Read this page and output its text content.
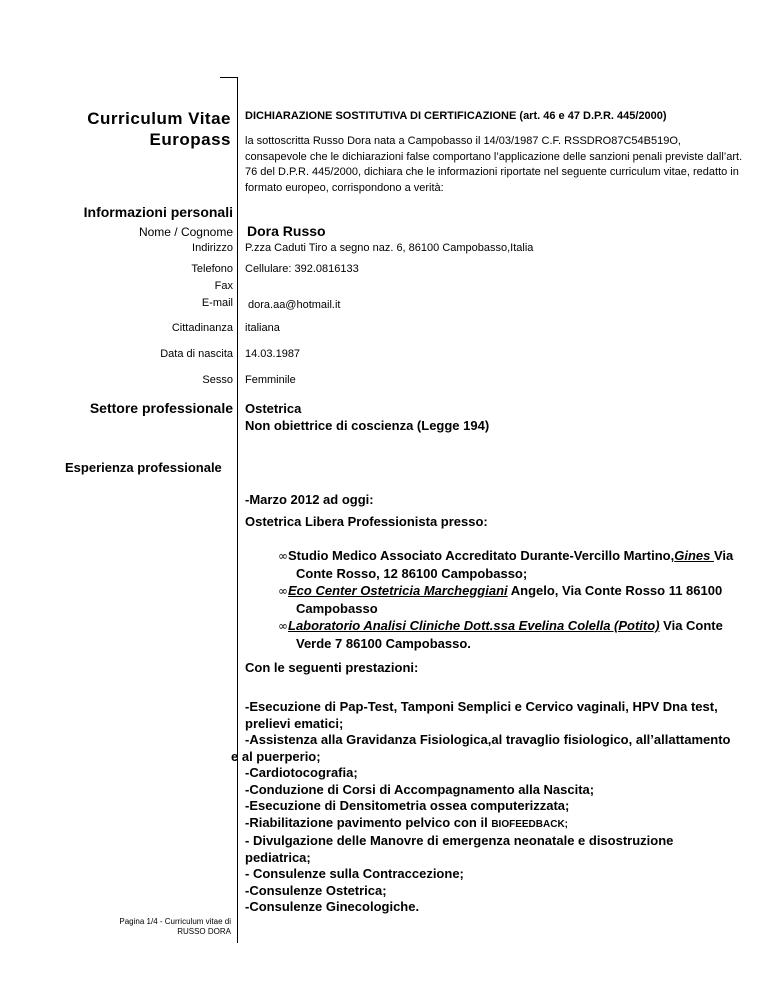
Curriculum Vitae
Europass
DICHIARAZIONE SOSTITUTIVA DI CERTIFICAZIONE (art. 46 e 47 D.P.R. 445/2000)
la sottoscritta Russo Dora nata a Campobasso il 14/03/1987 C.F. RSSDRO87C54B519O,
consapevole che le dichiarazioni false comportano l’applicazione delle sanzioni penali previste dall’art.
76 del D.P.R. 445/2000, dichiara che le informazioni riportate nel seguente curriculum vitae, redatto in
formato europeo, corrispondono a verità:
Informazioni personali
Nome / Cognome Dora Russo
Indirizzo P.zza Caduti Tiro a segno naz. 6, 86100 Campobasso,Italia
Telefono Cellulare: 392.0816133
Fax
E-mail dora.aa@hotmail.it
Cittadinanza italiana
Data di nascita 14.03.1987
Sesso Femminile
Settore professionale Ostetrica
Non obiettrice di coscienza (Legge 194)
Esperienza professionale
-Marzo 2012 ad oggi:
Ostetrica Libera Professionista presso:
∞Studio Medico Associato Accreditato Durante-Vercillo Martino,Gines Via
Conte Rosso, 12 86100 Campobasso;
∞Eco Center Ostetricia Marcheggiani Angelo, Via Conte Rosso 11 86100
Campobasso
∞Laboratorio Analisi Cliniche Dott.ssa Evelina Colella (Potito) Via Conte
Verde 7 86100 Campobasso.
Con le seguenti prestazioni:
-Esecuzione di Pap-Test, Tamponi Semplici e Cervico vaginali, HPV Dna test,
prelievi ematici;
-Assistenza alla Gravidanza Fisiologica,al travaglio fisiologico, all’allattamento
e al puerperio;
-Cardiotocografia;
-Conduzione di Corsi di Accompagnamento alla Nascita;
-Esecuzione di Densitometria ossea computerizzata;
-Riabilitazione pavimento pelvico con il BIOFEEDBACK;
- Divulgazione delle Manovre di emergenza neonatale e disostruzione
pediatrica;
- Consulenze sulla Contraccezione;
-Consulenze Ostetrica;
-Consulenze Ginecologiche.
Pagina 1/4 - Curriculum vitae di
RUSSO DORA
